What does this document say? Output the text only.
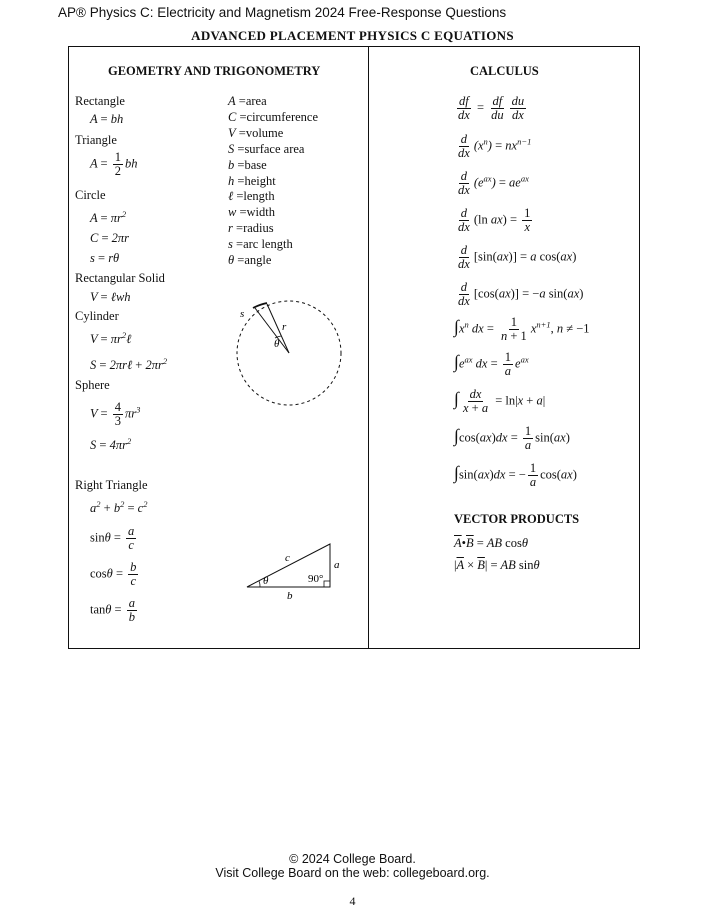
AP® Physics C: Electricity and Magnetism 2024 Free-Response Questions
ADVANCED PLACEMENT PHYSICS C EQUATIONS
GEOMETRY AND TRIGONOMETRY
Rectangle
A = bh
Triangle
$A = \frac{1}{2}$ bh
Circle
$A = \pi r^2$
C = 2πr
s = rθ
Rectangular Solid
V = ℓwh
Cylinder
$V = \pi r^2\ell$
S = 2πrℓ + $2\pi r^2$
Sphere
$V = \frac{4}{3} \pi r^3$
$S = 4\pi r^2$
Right Triangle
$a^2 + b^2 = c^2$
$\sin\theta = \frac{a}{c}$
$\cos\theta = \frac{b}{c}$
$\tan\theta = \frac{a}{b}$
A =area
C =circumference
V =volume
S =surface area
b =base
h =height
ℓ =length
w =width
r =radius
s =arc length
θ =angle
s
r
θ
c
a
b
θ	90°
CALCULUS
$\frac{df}{dx} = \frac{df}{du} \frac{du}{dx}$
$\frac{d}{dx} (x^n) = nx^{n-1}$
$\frac{d}{dx} (e^{ax}) = ae^{ax}$
$\frac{d}{dx} (\ln$ $ax) = \frac{1}{x}$
$\frac{d}{dx} [\sin(ax)] = a$ cos(ax)
$\frac{d}{dx} [\cos(ax)] = -a$ sin(ax)
$\int x^n$ dx = $\frac{1}{n + 1} x^{n+1}$, n ≠ −1
$\int e^{ax}$ dx = $\frac{1}{a} e^{ax}$
∫ $\frac{dx}{x + a} = \ln|x + a|$
$\int\cos(ax)dx = \frac{1}{a} \sin(ax)$
∫sin(ax)dx = − $\frac{1}{a} \cos(ax)$
VECTOR PRODUCTS
$\overline{A}•\overline{B}$ = AB cosθ
$|\overline{A} \times \overline{B}|$ = AB sinθ
© 2024 College Board.
Visit College Board on the web: collegeboard.org.
4
